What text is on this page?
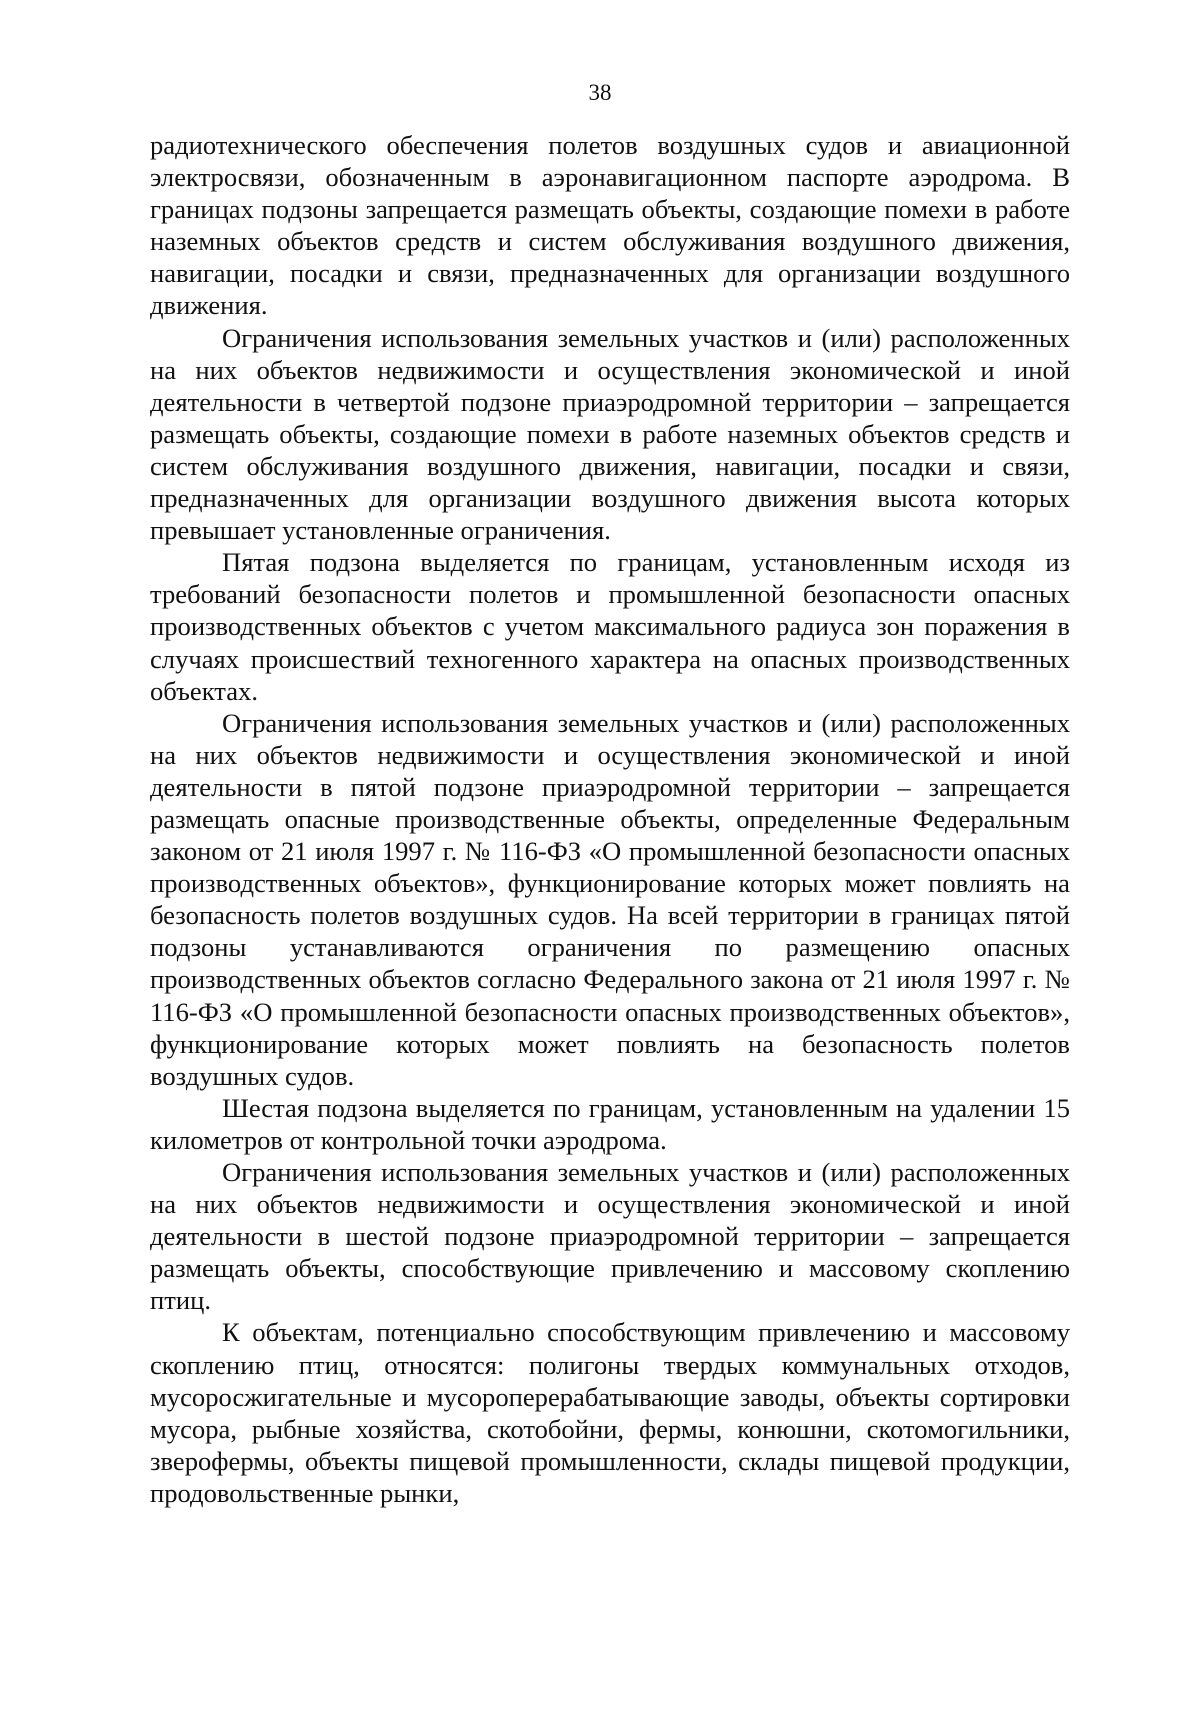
38

радиотехнического обеспечения полетов воздушных судов и авиационной электросвязи, обозначенным в аэронавигационном паспорте аэродрома. В границах подзоны запрещается размещать объекты, создающие помехи в работе наземных объектов средств и систем обслуживания воздушного движения, навигации, посадки и связи, предназначенных для организации воздушного движения.

Ограничения использования земельных участков и (или) расположенных на них объектов недвижимости и осуществления экономической и иной деятельности в четвертой подзоне приаэродромной территории – запрещается размещать объекты, создающие помехи в работе наземных объектов средств и систем обслуживания воздушного движения, навигации, посадки и связи, предназначенных для организации воздушного движения высота которых превышает установленные ограничения.

Пятая подзона выделяется по границам, установленным исходя из требований безопасности полетов и промышленной безопасности опасных производственных объектов с учетом максимального радиуса зон поражения в случаях происшествий техногенного характера на опасных производственных объектах.

Ограничения использования земельных участков и (или) расположенных на них объектов недвижимости и осуществления экономической и иной деятельности в пятой подзоне приаэродромной территории – запрещается размещать опасные производственные объекты, определенные Федеральным законом от 21 июля 1997 г. № 116-ФЗ «О промышленной безопасности опасных производственных объектов», функционирование которых может повлиять на безопасность полетов воздушных судов. На всей территории в границах пятой подзоны устанавливаются ограничения по размещению опасных производственных объектов согласно Федерального закона от 21 июля 1997 г. № 116-ФЗ «О промышленной безопасности опасных производственных объектов», функционирование которых может повлиять на безопасность полетов воздушных судов.

Шестая подзона выделяется по границам, установленным на удалении 15 километров от контрольной точки аэродрома.

Ограничения использования земельных участков и (или) расположенных на них объектов недвижимости и осуществления экономической и иной деятельности в шестой подзоне приаэродромной территории – запрещается размещать объекты, способствующие привлечению и массовому скоплению птиц.

К объектам, потенциально способствующим привлечению и массовому скоплению птиц, относятся: полигоны твердых коммунальных отходов, мусоросжигательные и мусороперерабатывающие заводы, объекты сортировки мусора, рыбные хозяйства, скотобойни, фермы, конюшни, скотомогильники, зверофермы, объекты пищевой промышленности, склады пищевой продукции, продовольственные рынки,
